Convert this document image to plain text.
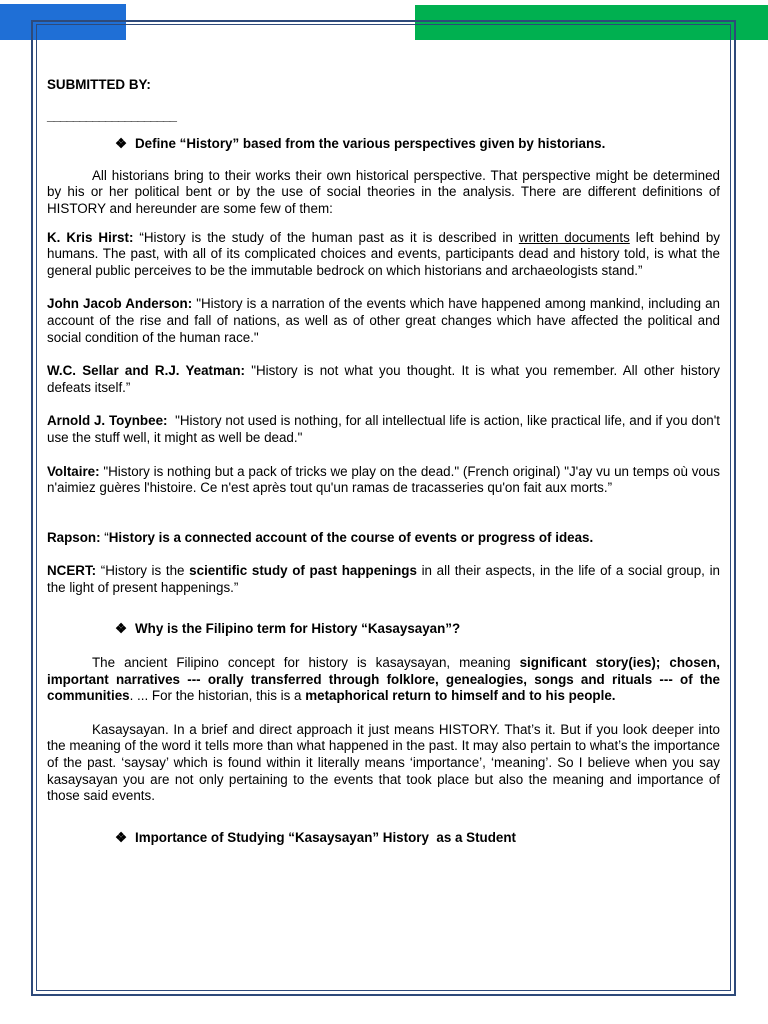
SUBMITTED BY:

____________________

❖ Define “History” based from the various perspectives given by historians.

All historians bring to their works their own historical perspective. That perspective might be determined by his or her political bent or by the use of social theories in the analysis. There are different definitions of HISTORY and hereunder are some few of them:

K. Kris Hirst: “History is the study of the human past as it is described in written documents left behind by humans. The past, with all of its complicated choices and events, participants dead and history told, is what the general public perceives to be the immutable bedrock on which historians and archaeologists stand.”

John Jacob Anderson: "History is a narration of the events which have happened among mankind, including an account of the rise and fall of nations, as well as of other great changes which have affected the political and social condition of the human race."

W.C. Sellar and R.J. Yeatman: "History is not what you thought. It is what you remember. All other history defeats itself.”

Arnold J. Toynbee:  "History not used is nothing, for all intellectual life is action, like practical life, and if you don't use the stuff well, it might as well be dead."

Voltaire: "History is nothing but a pack of tricks we play on the dead." (French original) "J'ay vu un temps où vous n'aimiez guères l'histoire. Ce n'est après tout qu'un ramas de tracasseries qu'on fait aux morts.”

Rapson: “History is a connected account of the course of events or progress of ideas.

NCERT: “History is the scientific study of past happenings in all their aspects, in the life of a social group, in the light of present happenings.”

❖ Why is the Filipino term for History “Kasaysayan”?

The ancient Filipino concept for history is kasaysayan, meaning significant story(ies); chosen, important narratives --- orally transferred through folklore, genealogies, songs and rituals --- of the communities. ... For the historian, this is a metaphorical return to himself and to his people.

Kasaysayan. In a brief and direct approach it just means HISTORY. That’s it. But if you look deeper into the meaning of the word it tells more than what happened in the past. It may also pertain to what’s the importance of the past. ‘saysay’ which is found within it literally means ‘importance’, ‘meaning’. So I believe when you say kasaysayan you are not only pertaining to the events that took place but also the meaning and importance of those said events.

❖ Importance of Studying “Kasaysayan” History  as a Student
